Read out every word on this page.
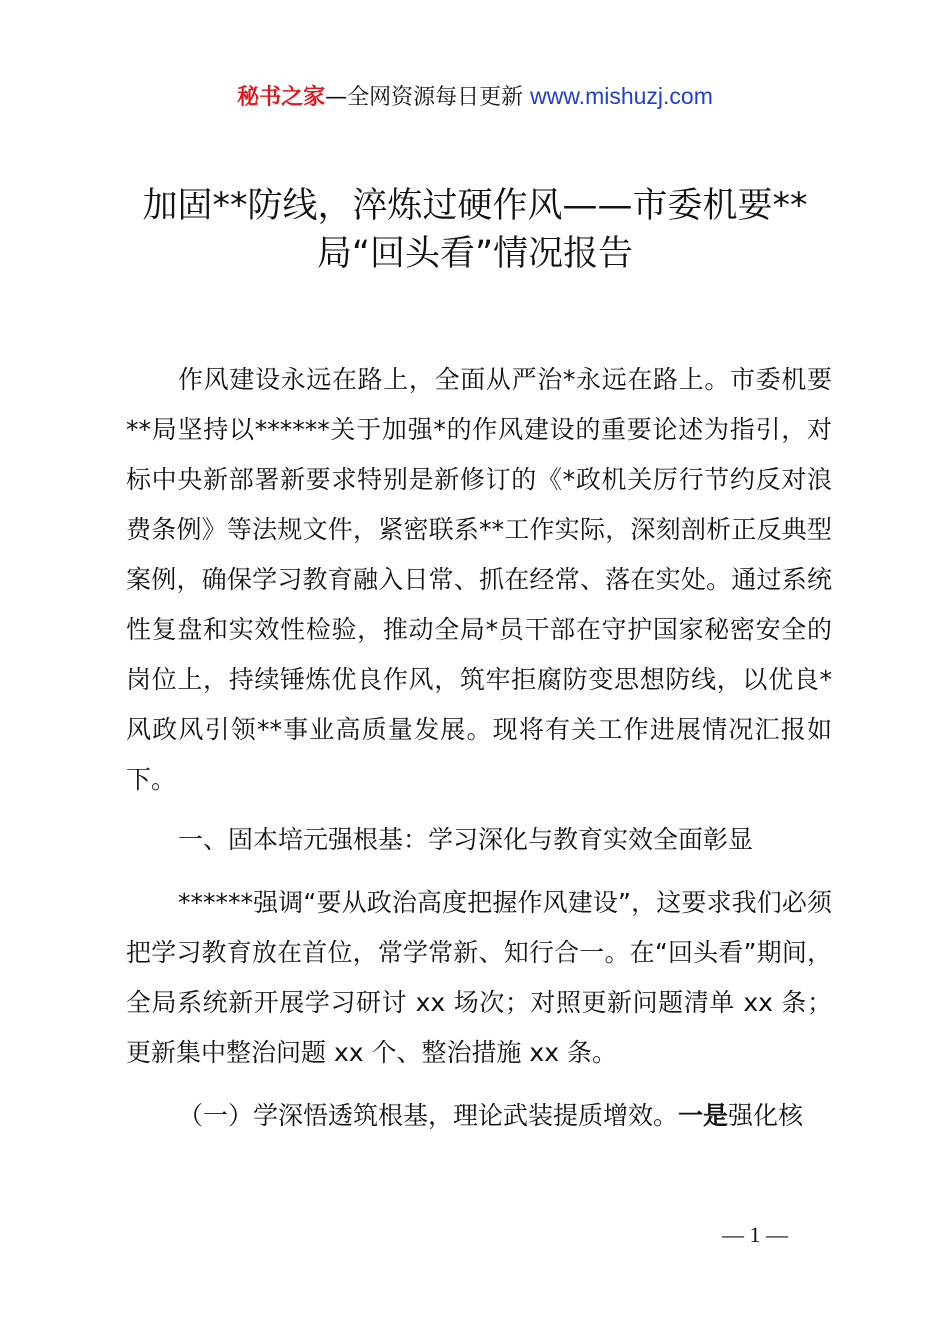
秘书之家—全网资源每日更新 www.mishuzj.com
加固**防线，淬炼过硬作风——市委机要**
局“回头看”情况报告

作风建设永远在路上，全面从严治*永远在路上。市委机要**局坚持以******关于加强*的作风建设的重要论述为指引，对标中央新部署新要求特别是新修订的《*政机关厉行节约反对浪费条例》等法规文件，紧密联系**工作实际，深刻剖析正反典型案例，确保学习教育融入日常、抓在经常、落在实处。通过系统性复盘和实效性检验，推动全局*员干部在守护国家秘密安全的岗位上，持续锤炼优良作风，筑牢拒腐防变思想防线，以优良*风政风引领**事业高质量发展。现将有关工作进展情况汇报如下。

一、固本培元强根基：学习深化与教育实效全面彰显

******强调“要从政治高度把握作风建设”，这要求我们必须把学习教育放在首位，常学常新、知行合一。在“回头看”期间，全局系统新开展学习研讨 xx 场次；对照更新问题清单 xx 条；更新集中整治问题 xx 个、整治措施 xx 条。

（一）学深悟透筑根基，理论武装提质增效。一是强化核

— 1 —
